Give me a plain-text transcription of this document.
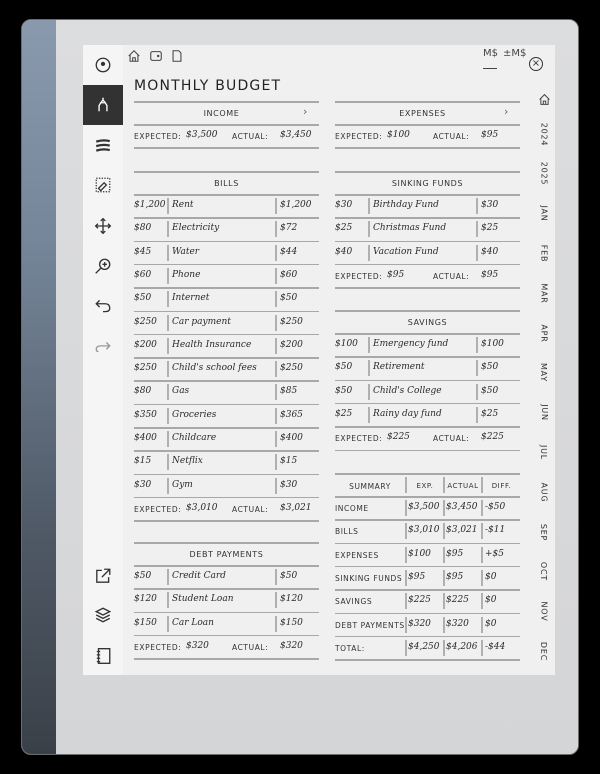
MONTHLY BUDGET
M$ ±M$
×
2024
2025
JAN
FEB
MAR
APR
MAY
JUN
JUL
AUG
SEP
OCT
NOV
DEC
INCOME	›
EXPECTED: $3,500 ACTUAL: $3,450
EXPENSES	›
EXPECTED: $100	ACTUAL: $95
BILLS
$1,200 Rent	$1,200
$80 Electricity	$72
$45 Water	$44
$60 Phone	$60
$50 Internet	$50
$250 Car payment	$250
$200 Health Insurance	$200
$250 Child's school fees	$250
$80 Gas	$85
$350 Groceries	$365
$400 Childcare	$400
$15 Netflix	$15
$30 Gym	$30
EXPECTED: $3,010 ACTUAL: $3,021
SINKING FUNDS
$30 Birthday Fund	$30
$25 Christmas Fund	$25
$40 Vacation Fund	$40
EXPECTED: $95	ACTUAL: $95
SAVINGS
$100 Emergency fund	$100
$50 Retirement	$50
$50 Child's College	$50
$25 Rainy day fund	$25
EXPECTED: $225	ACTUAL: $225
DEBT PAYMENTS
$50 Credit Card	$50
$120 Student Loan	$120
$150 Car Loan	$150
EXPECTED: $320	ACTUAL: $320
SUMMARY	EXP.	ACTUAL	DIFF.
INCOME	$3,500 $3,450 -$50
BILLS	$3,010 $3,021 -$11
EXPENSES	$100 $95 +$5
SINKING FUNDS $95 $95 $0
SAVINGS	$225 $225 $0
DEBT PAYMENTS $320 $320 $0
TOTAL:	$4,250 $4,206 -$44
